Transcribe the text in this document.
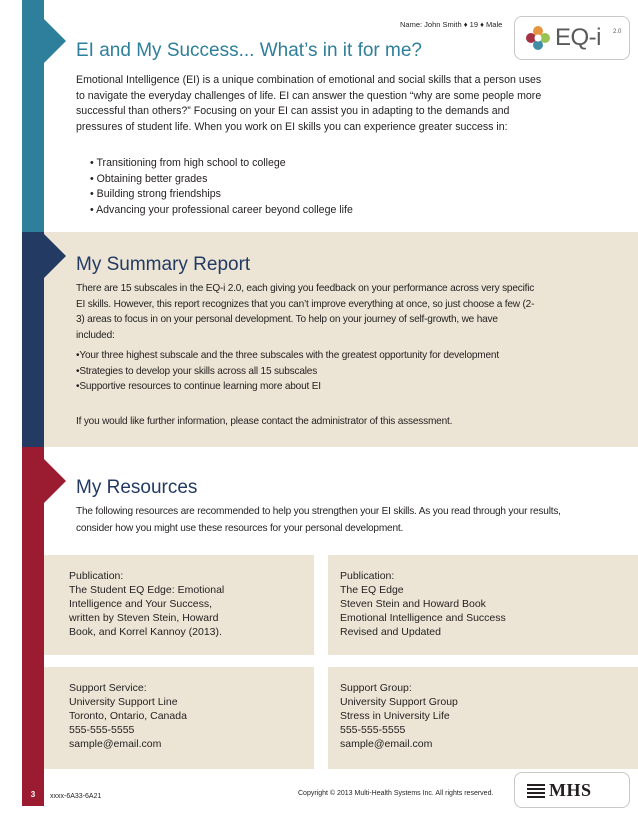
Name: John Smith ♦ 19 ♦ Male EQ-i 2.0
EI and My Success... What’s in it for me?
Emotional Intelligence (EI) is a unique combination of emotional and social skills that a person uses to navigate the everyday challenges of life. EI can answer the question “why are some people more successful than others?” Focusing on your EI can assist you in adapting to the demands and pressures of student life. When you work on EI skills you can experience greater success in:
• Transitioning from high school to college
• Obtaining better grades
• Building strong friendships
• Advancing your professional career beyond college life
My Summary Report
There are 15 subscales in the EQ-i 2.0, each giving you feedback on your performance across very specific EI skills. However, this report recognizes that you can’t improve everything at once, so just choose a few (2-3) areas to focus in on your personal development. To help on your journey of self-growth, we have included:
• Your three highest subscale and the three subscales with the greatest opportunity for development
• Strategies to develop your skills across all 15 subscales
• Supportive resources to continue learning more about EI
If you would like further information, please contact the administrator of this assessment.
My Resources
The following resources are recommended to help you strengthen your EI skills. As you read through your results, consider how you might use these resources for your personal development.
Publication:
The Student EQ Edge: Emotional
Intelligence and Your Success,
written by Steven Stein, Howard
Book, and Korrel Kannoy (2013).
Publication:
The EQ Edge
Steven Stein and Howard Book
Emotional Intelligence and Success
Revised and Updated
Support Service:
University Support Line
Toronto, Ontario, Canada
555-555-5555
sample@email.com
Support Group:
University Support Group
Stress in University Life
555-555-5555
sample@email.com
3	xxxx-6A33-6A21	Copyright © 2013 Multi-Health Systems Inc. All rights reserved.	MHS
